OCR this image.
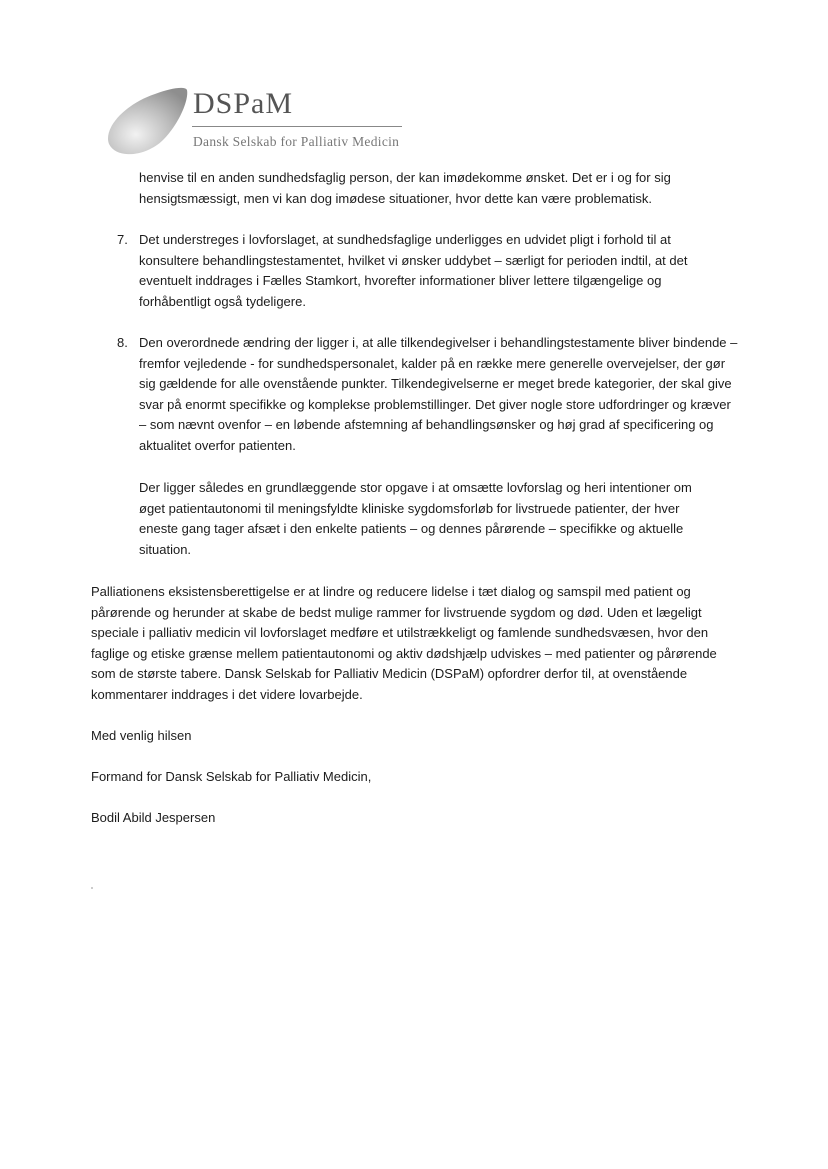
DSPaM
Dansk Selskab for Palliativ Medicin

henvise til en anden sundhedsfaglig person, der kan imødekomme ønsket. Det er i og for sig hensigtsmæssigt, men vi kan dog imødese situationer, hvor dette kan være problematisk.

7. Det understreges i lovforslaget, at sundhedsfaglige underligges en udvidet pligt i forhold til at konsultere behandlingstestamentet, hvilket vi ønsker uddybet – særligt for perioden indtil, at det eventuelt inddrages i Fælles Stamkort, hvorefter informationer bliver lettere tilgængelige og forhåbentligt også tydeligere.

8. Den overordnede ændring der ligger i, at alle tilkendegivelser i behandlingstestamente bliver bindende – fremfor vejledende - for sundhedspersonalet, kalder på en række mere generelle overvejelser, der gør sig gældende for alle ovenstående punkter. Tilkendegivelserne er meget brede kategorier, der skal give svar på enormt specifikke og komplekse problemstillinger. Det giver nogle store udfordringer og kræver – som nævnt ovenfor – en løbende afstemning af behandlingsønsker og høj grad af specificering og aktualitet overfor patienten.

Der ligger således en grundlæggende stor opgave i at omsætte lovforslag og heri intentioner om øget patientautonomi til meningsfyldte kliniske sygdomsforløb for livstruede patienter, der hver eneste gang tager afsæt i den enkelte patients – og dennes pårørende – specifikke og aktuelle situation.

Palliationens eksistensberettigelse er at lindre og reducere lidelse i tæt dialog og samspil med patient og pårørende og herunder at skabe de bedst mulige rammer for livstruende sygdom og død. Uden et lægeligt speciale i palliativ medicin vil lovforslaget medføre et utilstrækkeligt og famlende sundhedsvæsen, hvor den faglige og etiske grænse mellem patientautonomi og aktiv dødshjælp udviskes – med patienter og pårørende som de største tabere. Dansk Selskab for Palliativ Medicin (DSPaM) opfordrer derfor til, at ovenstående kommentarer inddrages i det videre lovarbejde.

Med venlig hilsen
Formand for Dansk Selskab for Palliativ Medicin,
Bodil Abild Jespersen
